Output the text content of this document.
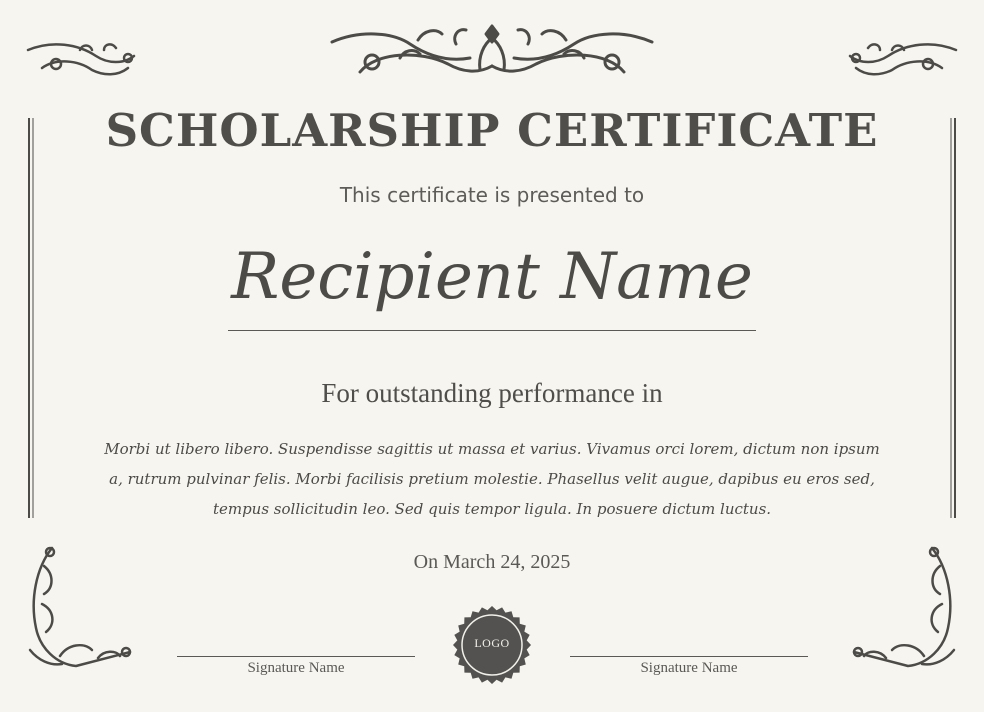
SCHOLARSHIP CERTIFICATE
This certificate is presented to
Recipient Name
For outstanding performance in

Morbi ut libero libero. Suspendisse sagittis ut massa et varius. Vivamus orci lorem, dictum non ipsum a, rutrum pulvinar felis. Morbi facilisis pretium molestie. Phasellus velit augue, dapibus eu eros sed, tempus sollicitudin leo. Sed quis tempor ligula. In posuere dictum luctus.

On March 24, 2025
Signature Name	Signature Name
LOGO
